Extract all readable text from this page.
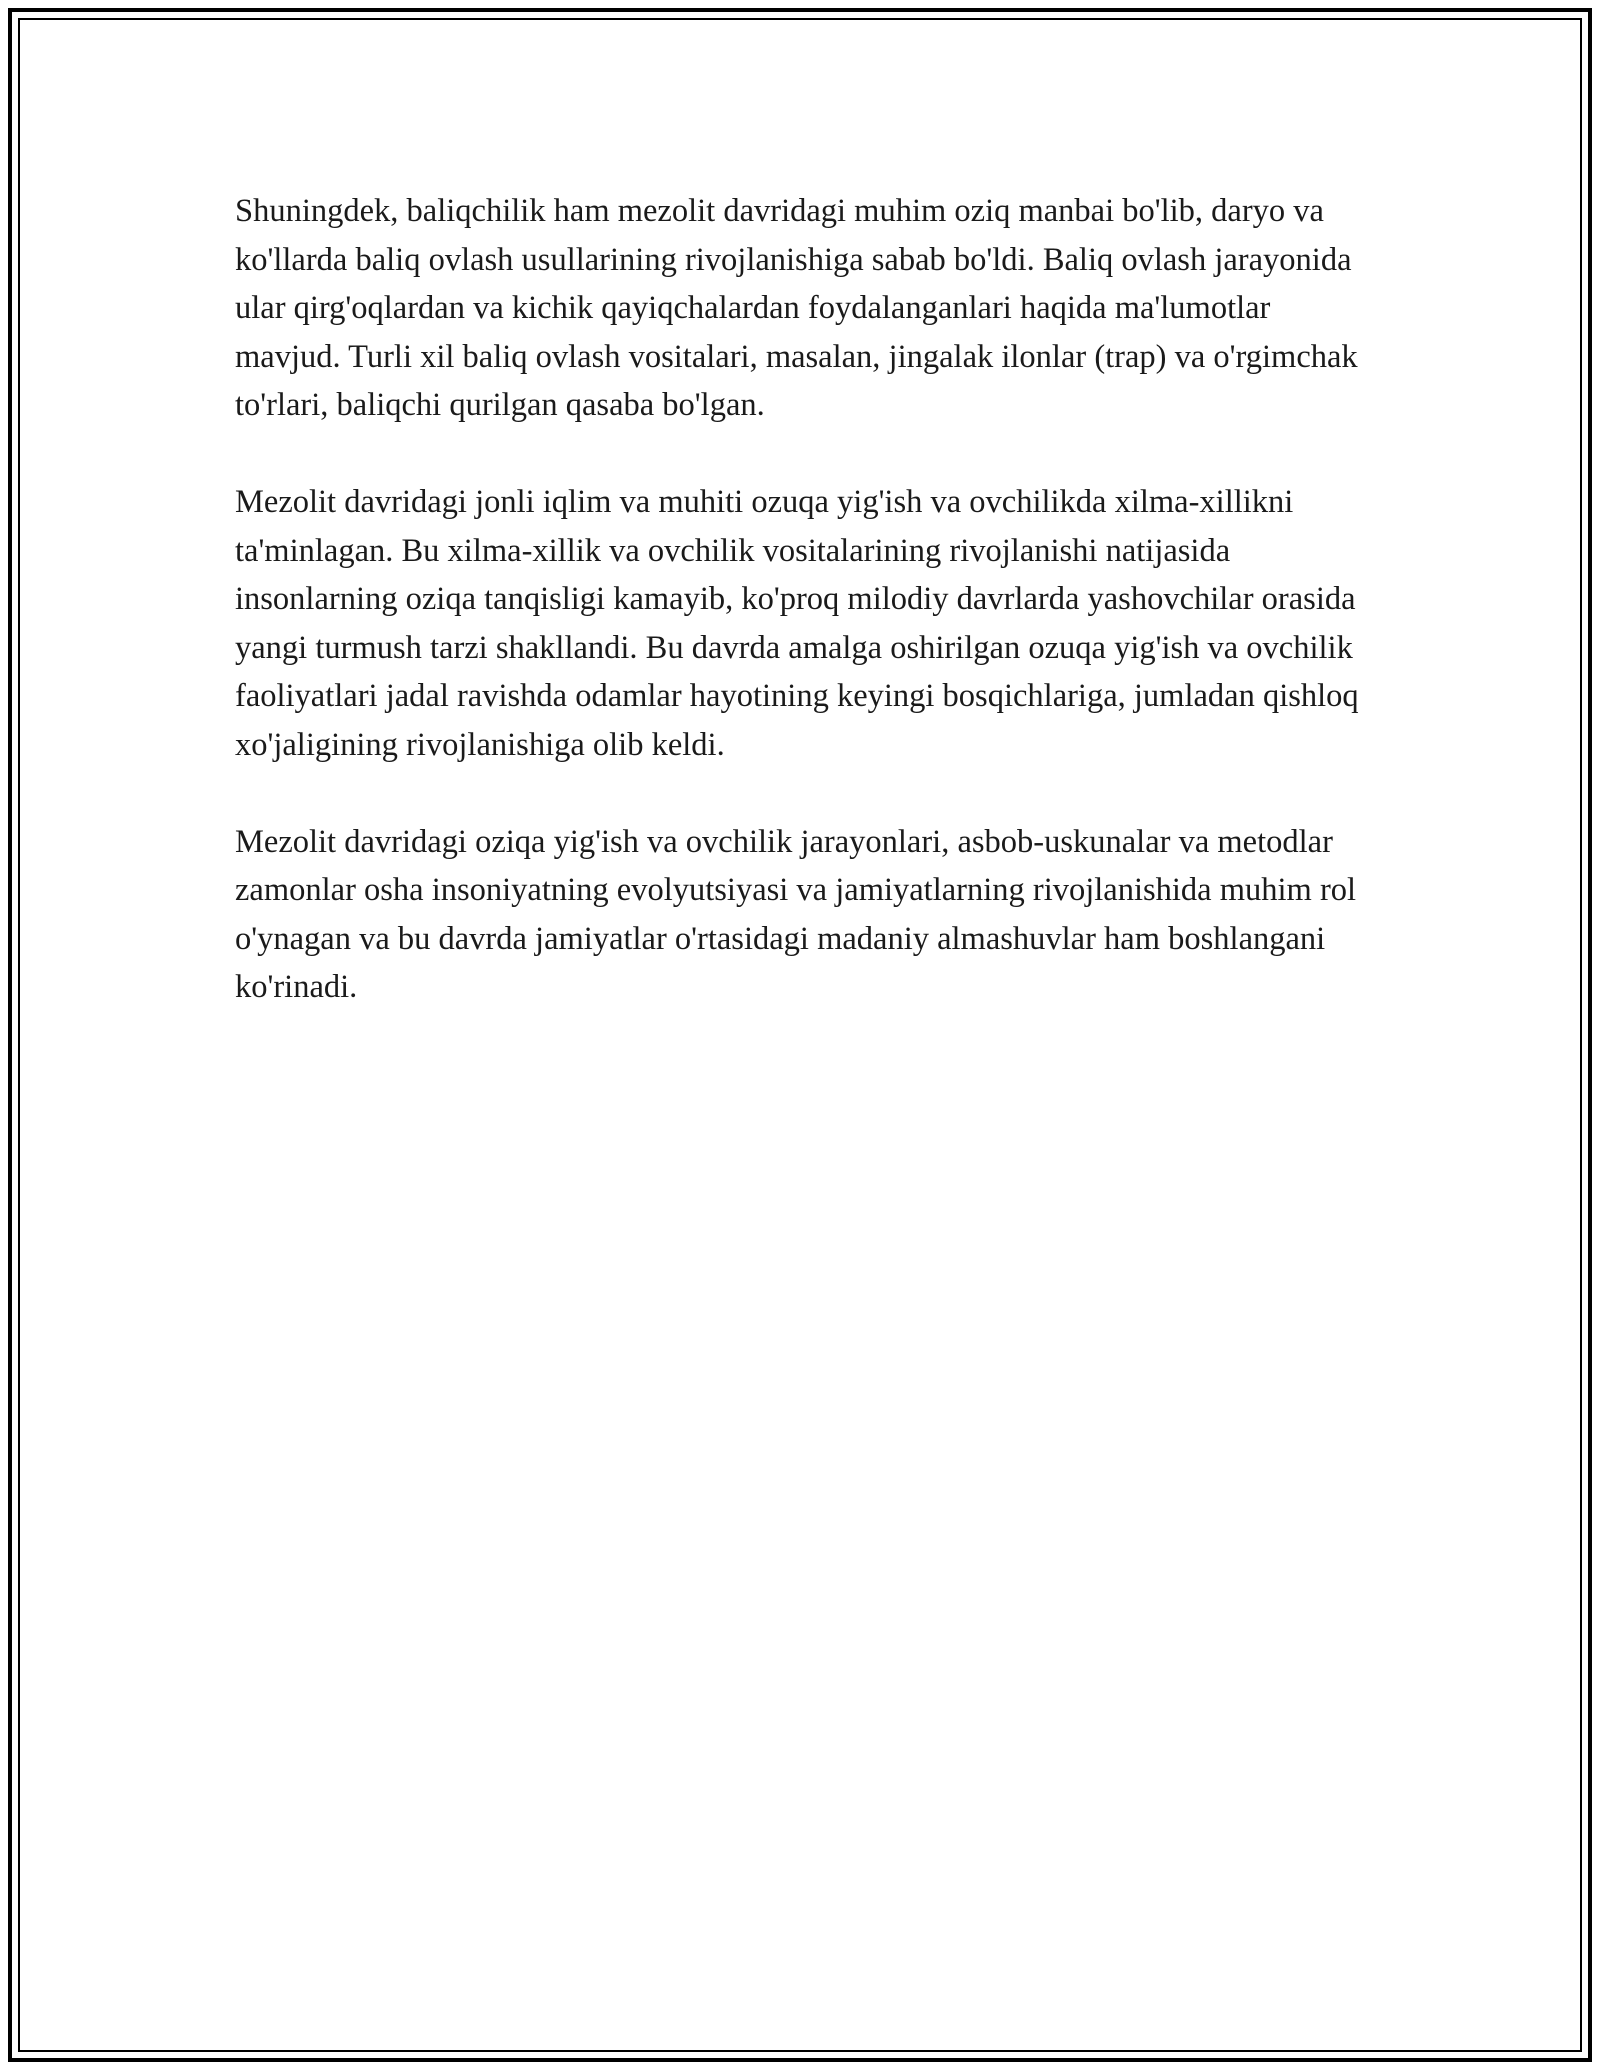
Shuningdek, baliqchilik ham mezolit davridagi muhim oziq manbai bo'lib, daryo va ko'llarda baliq ovlash usullarining rivojlanishiga sabab bo'ldi. Baliq ovlash jarayonida ular qirg'oqlardan va kichik qayiqchalardan foydalanganlari haqida ma'lumotlar mavjud. Turli xil baliq ovlash vositalari, masalan, jingalak ilonlar (trap) va o'rgimchak to'rlari, baliqchi qurilgan qasaba bo'lgan.

Mezolit davridagi jonli iqlim va muhiti ozuqa yig'ish va ovchilikda xilma-xillikni ta'minlagan. Bu xilma-xillik va ovchilik vositalarining rivojlanishi natijasida insonlarning oziqa tanqisligi kamayib, ko'proq milodiy davrlarda yashovchilar orasida yangi turmush tarzi shakllandi. Bu davrda amalga oshirilgan ozuqa yig'ish va ovchilik faoliyatlari jadal ravishda odamlar hayotining keyingi bosqichlariga, jumladan qishloq xo'jaligining rivojlanishiga olib keldi.

Mezolit davridagi oziqa yig'ish va ovchilik jarayonlari, asbob-uskunalar va metodlar zamonlar osha insoniyatning evolyutsiyasi va jamiyatlarning rivojlanishida muhim rol o'ynagan va bu davrda jamiyatlar o'rtasidagi madaniy almashuvlar ham boshlangani ko'rinadi.
